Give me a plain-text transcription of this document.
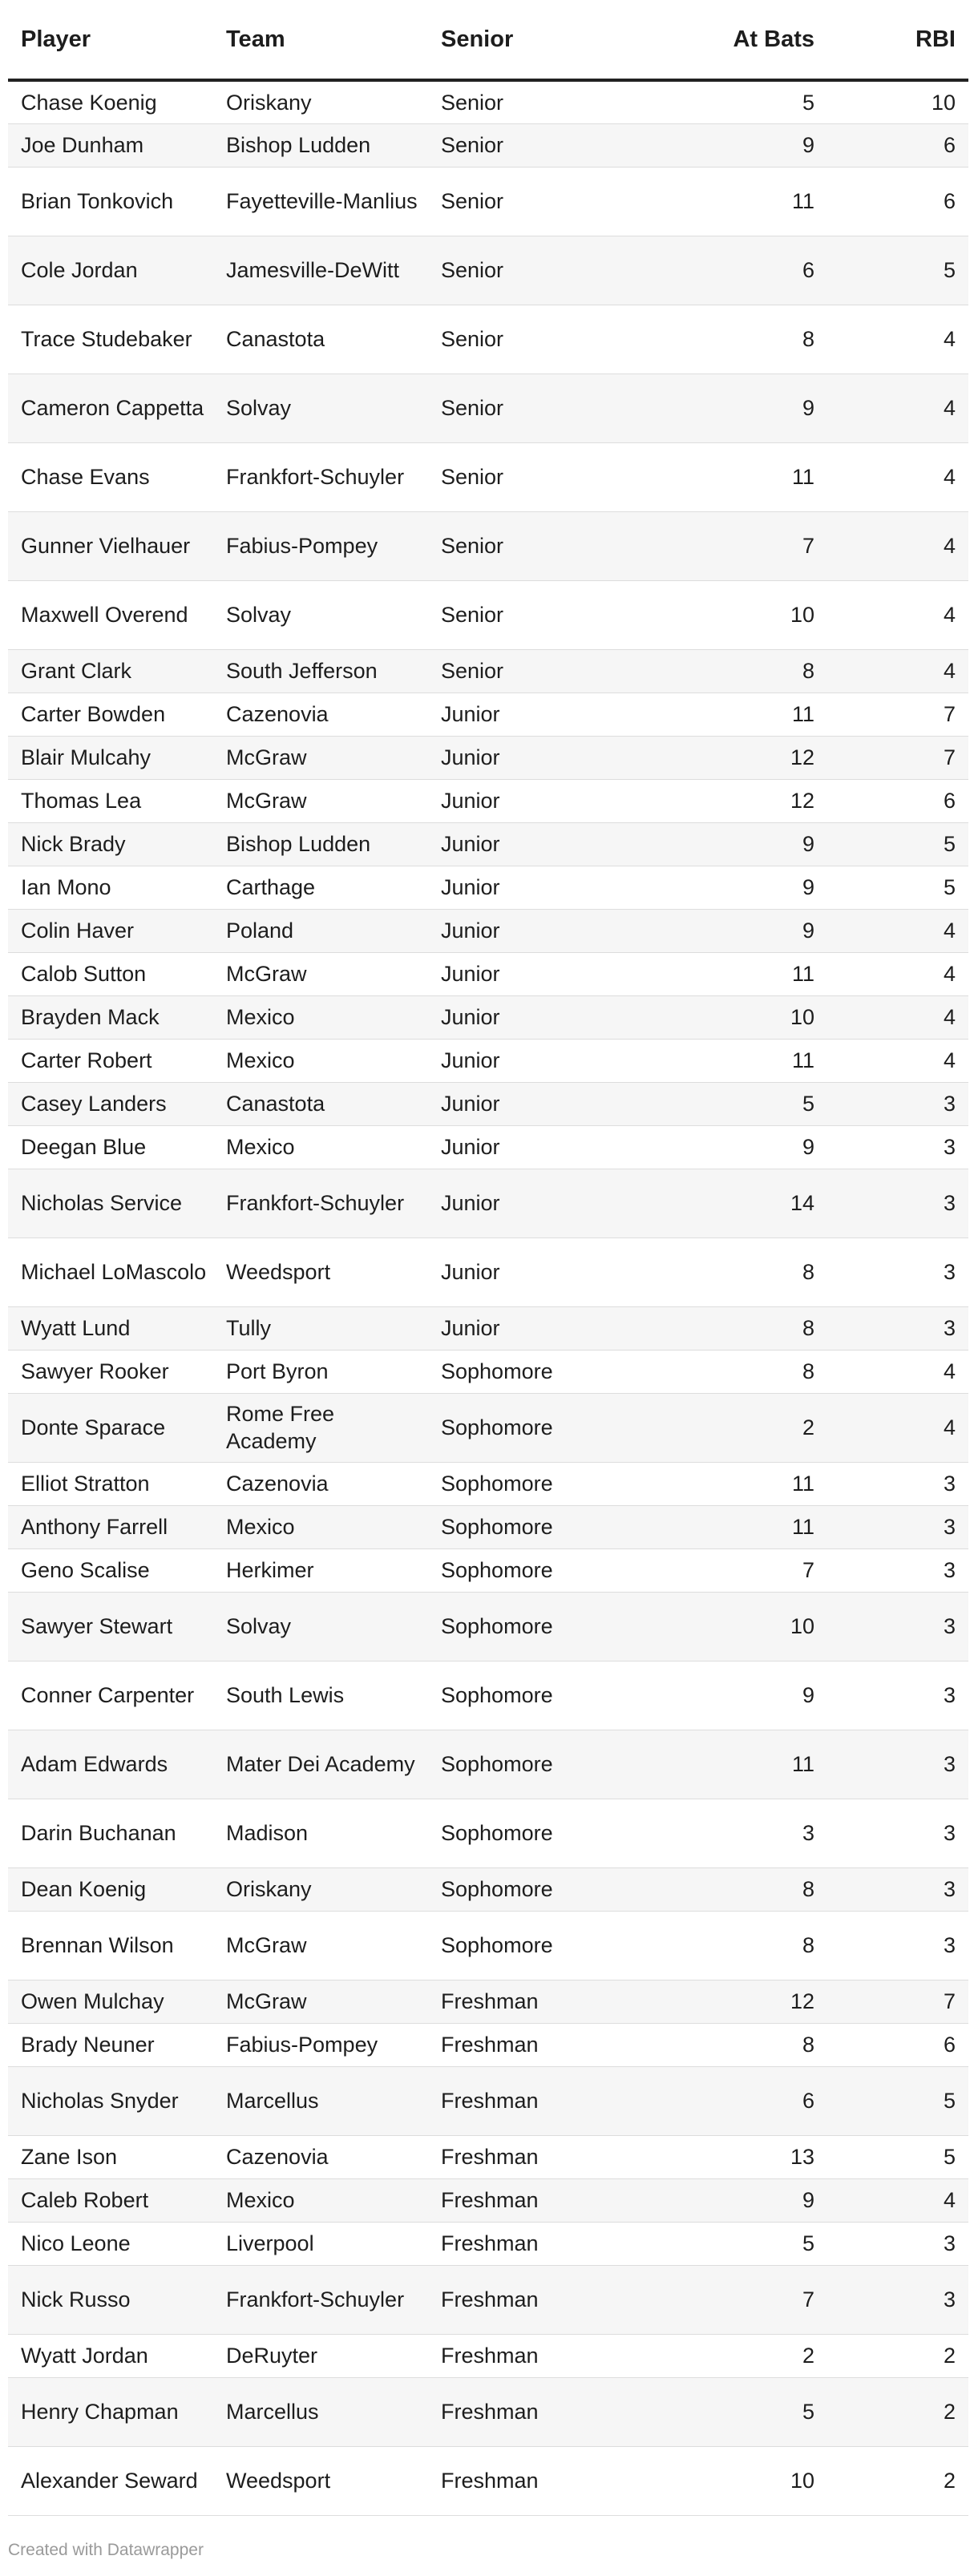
Player	Team	Senior	At Bats	RBI
Chase Koenig	Oriskany	Senior	5	10
Joe Dunham	Bishop Ludden	Senior	9	6
Brian Tonkovich	Fayetteville-Manlius	Senior	11	6
Cole Jordan	Jamesville-DeWitt	Senior	6	5
Trace Studebaker	Canastota	Senior	8	4
Cameron Cappetta	Solvay	Senior	9	4
Chase Evans	Frankfort-Schuyler	Senior	11	4
Gunner Vielhauer	Fabius-Pompey	Senior	7	4
Maxwell Overend	Solvay	Senior	10	4
Grant Clark	South Jefferson	Senior	8	4
Carter Bowden	Cazenovia	Junior	11	7
Blair Mulcahy	McGraw	Junior	12	7
Thomas Lea	McGraw	Junior	12	6
Nick Brady	Bishop Ludden	Junior	9	5
Ian Mono	Carthage	Junior	9	5
Colin Haver	Poland	Junior	9	4
Calob Sutton	McGraw	Junior	11	4
Brayden Mack	Mexico	Junior	10	4
Carter Robert	Mexico	Junior	11	4
Casey Landers	Canastota	Junior	5	3
Deegan Blue	Mexico	Junior	9	3
Nicholas Service	Frankfort-Schuyler	Junior	14	3
Michael LoMascolo	Weedsport	Junior	8	3
Wyatt Lund	Tully	Junior	8	3
Sawyer Rooker	Port Byron	Sophomore	8	4
Donte Sparace	Rome Free Academy	Sophomore	2	4
Elliot Stratton	Cazenovia	Sophomore	11	3
Anthony Farrell	Mexico	Sophomore	11	3
Geno Scalise	Herkimer	Sophomore	7	3
Sawyer Stewart	Solvay	Sophomore	10	3
Conner Carpenter	South Lewis	Sophomore	9	3
Adam Edwards	Mater Dei Academy	Sophomore	11	3
Darin Buchanan	Madison	Sophomore	3	3
Dean Koenig	Oriskany	Sophomore	8	3
Brennan Wilson	McGraw	Sophomore	8	3
Owen Mulchay	McGraw	Freshman	12	7
Brady Neuner	Fabius-Pompey	Freshman	8	6
Nicholas Snyder	Marcellus	Freshman	6	5
Zane Ison	Cazenovia	Freshman	13	5
Caleb Robert	Mexico	Freshman	9	4
Nico Leone	Liverpool	Freshman	5	3
Nick Russo	Frankfort-Schuyler	Freshman	7	3
Wyatt Jordan	DeRuyter	Freshman	2	2
Henry Chapman	Marcellus	Freshman	5	2
Alexander Seward	Weedsport	Freshman	10	2
Created with Datawrapper
